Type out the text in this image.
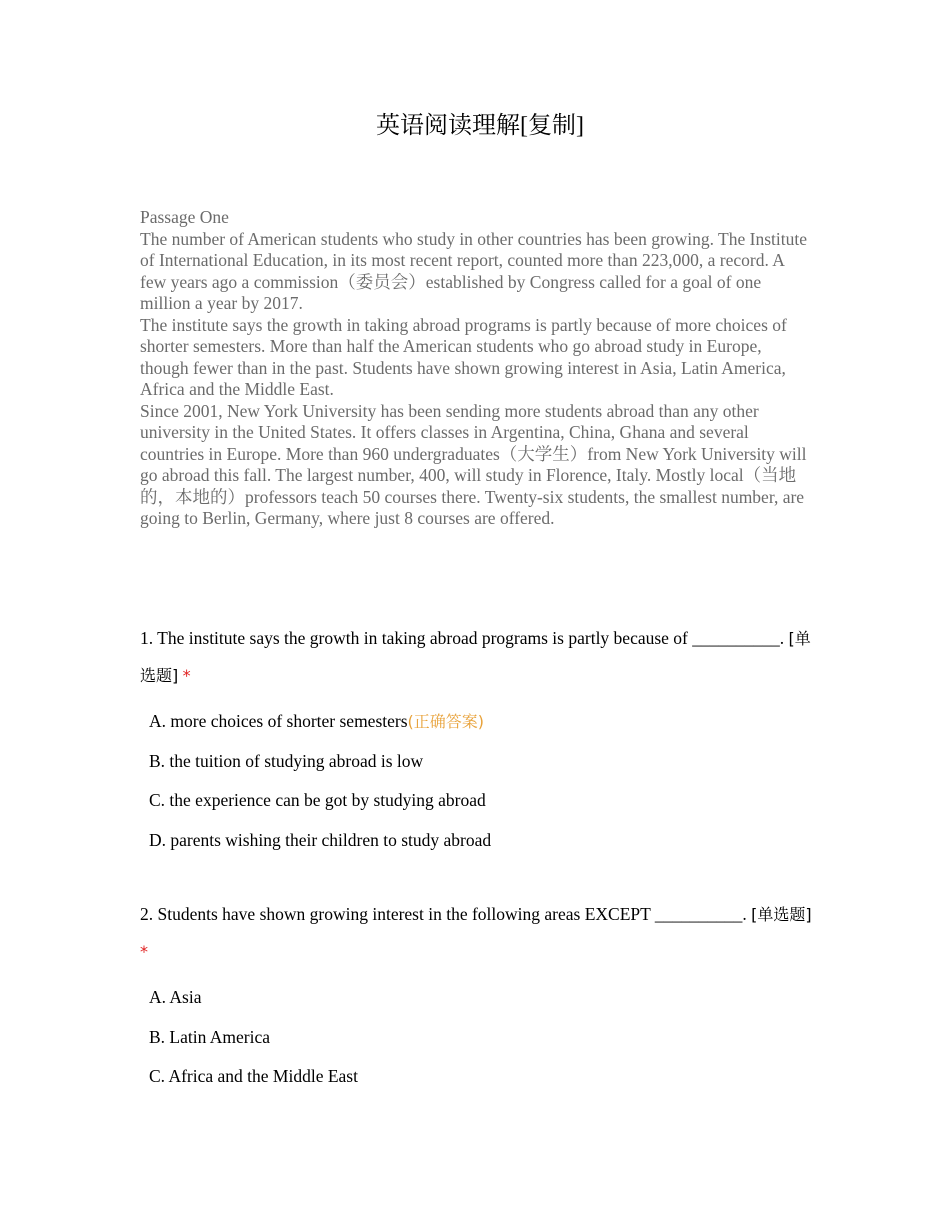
英语阅读理解[复制]

Passage One

The number of American students who study in other countries has been growing. The Institute of International Education, in its most recent report, counted more than 223,000, a record. A few years ago a commission（委员会）established by Congress called for a goal of one million a year by 2017.

The institute says the growth in taking abroad programs is partly because of more choices of shorter semesters. More than half the American students who go abroad study in Europe, though fewer than in the past. Students have shown growing interest in Asia, Latin America, Africa and the Middle East.

Since 2001, New York University has been sending more students abroad than any other university in the United States. It offers classes in Argentina, China, Ghana and several countries in Europe. More than 960 undergraduates（大学生）from New York University will go abroad this fall. The largest number, 400, will study in Florence, Italy. Mostly local（当地的，本地的）professors teach 50 courses there. Twenty-six students, the smallest number, are going to Berlin, Germany, where just 8 courses are offered.

1. The institute says the growth in taking abroad programs is partly because of __________. [单选题] *

A. more choices of shorter semesters(正确答案)
B. the tuition of studying abroad is low
C. the experience can be got by studying abroad
D. parents wishing their children to study abroad

2. Students have shown growing interest in the following areas EXCEPT __________. [单选题] *

A. Asia
B. Latin America
C. Africa and the Middle East
